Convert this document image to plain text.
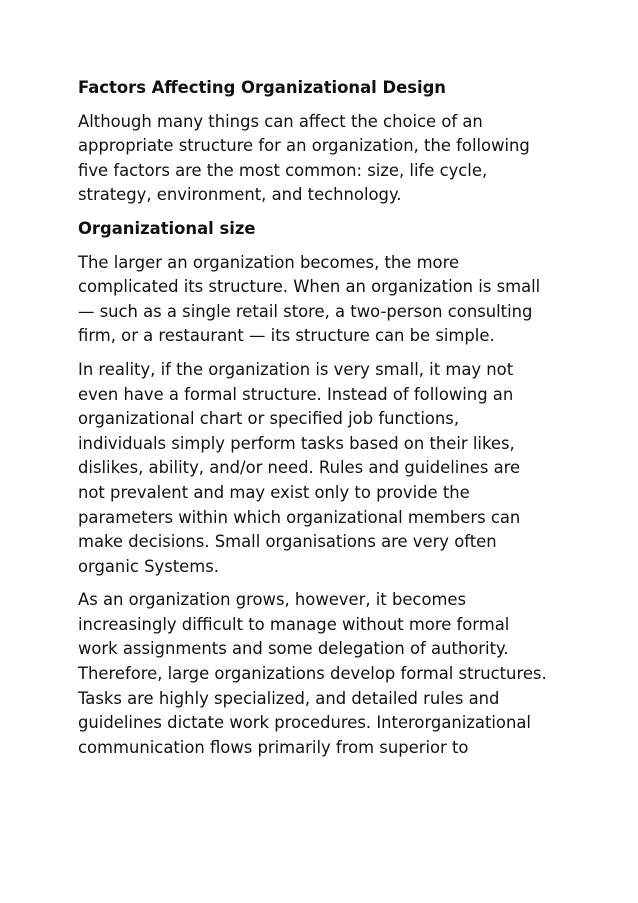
Factors Affecting Organizational Design
Although many things can affect the choice of an
appropriate structure for an organization, the following
five factors are the most common: size, life cycle,
strategy, environment, and technology.
Organizational size
The larger an organization becomes, the more
complicated its structure. When an organization is small
— such as a single retail store, a two-person consulting
firm, or a restaurant — its structure can be simple.
In reality, if the organization is very small, it may not
even have a formal structure. Instead of following an
organizational chart or specified job functions,
individuals simply perform tasks based on their likes,
dislikes, ability, and/or need. Rules and guidelines are
not prevalent and may exist only to provide the
parameters within which organizational members can
make decisions. Small organisations are very often
organic Systems.
As an organization grows, however, it becomes
increasingly difficult to manage without more formal
work assignments and some delegation of authority.
Therefore, large organizations develop formal structures.
Tasks are highly specialized, and detailed rules and
guidelines dictate work procedures. Interorganizational
communication flows primarily from superior to
